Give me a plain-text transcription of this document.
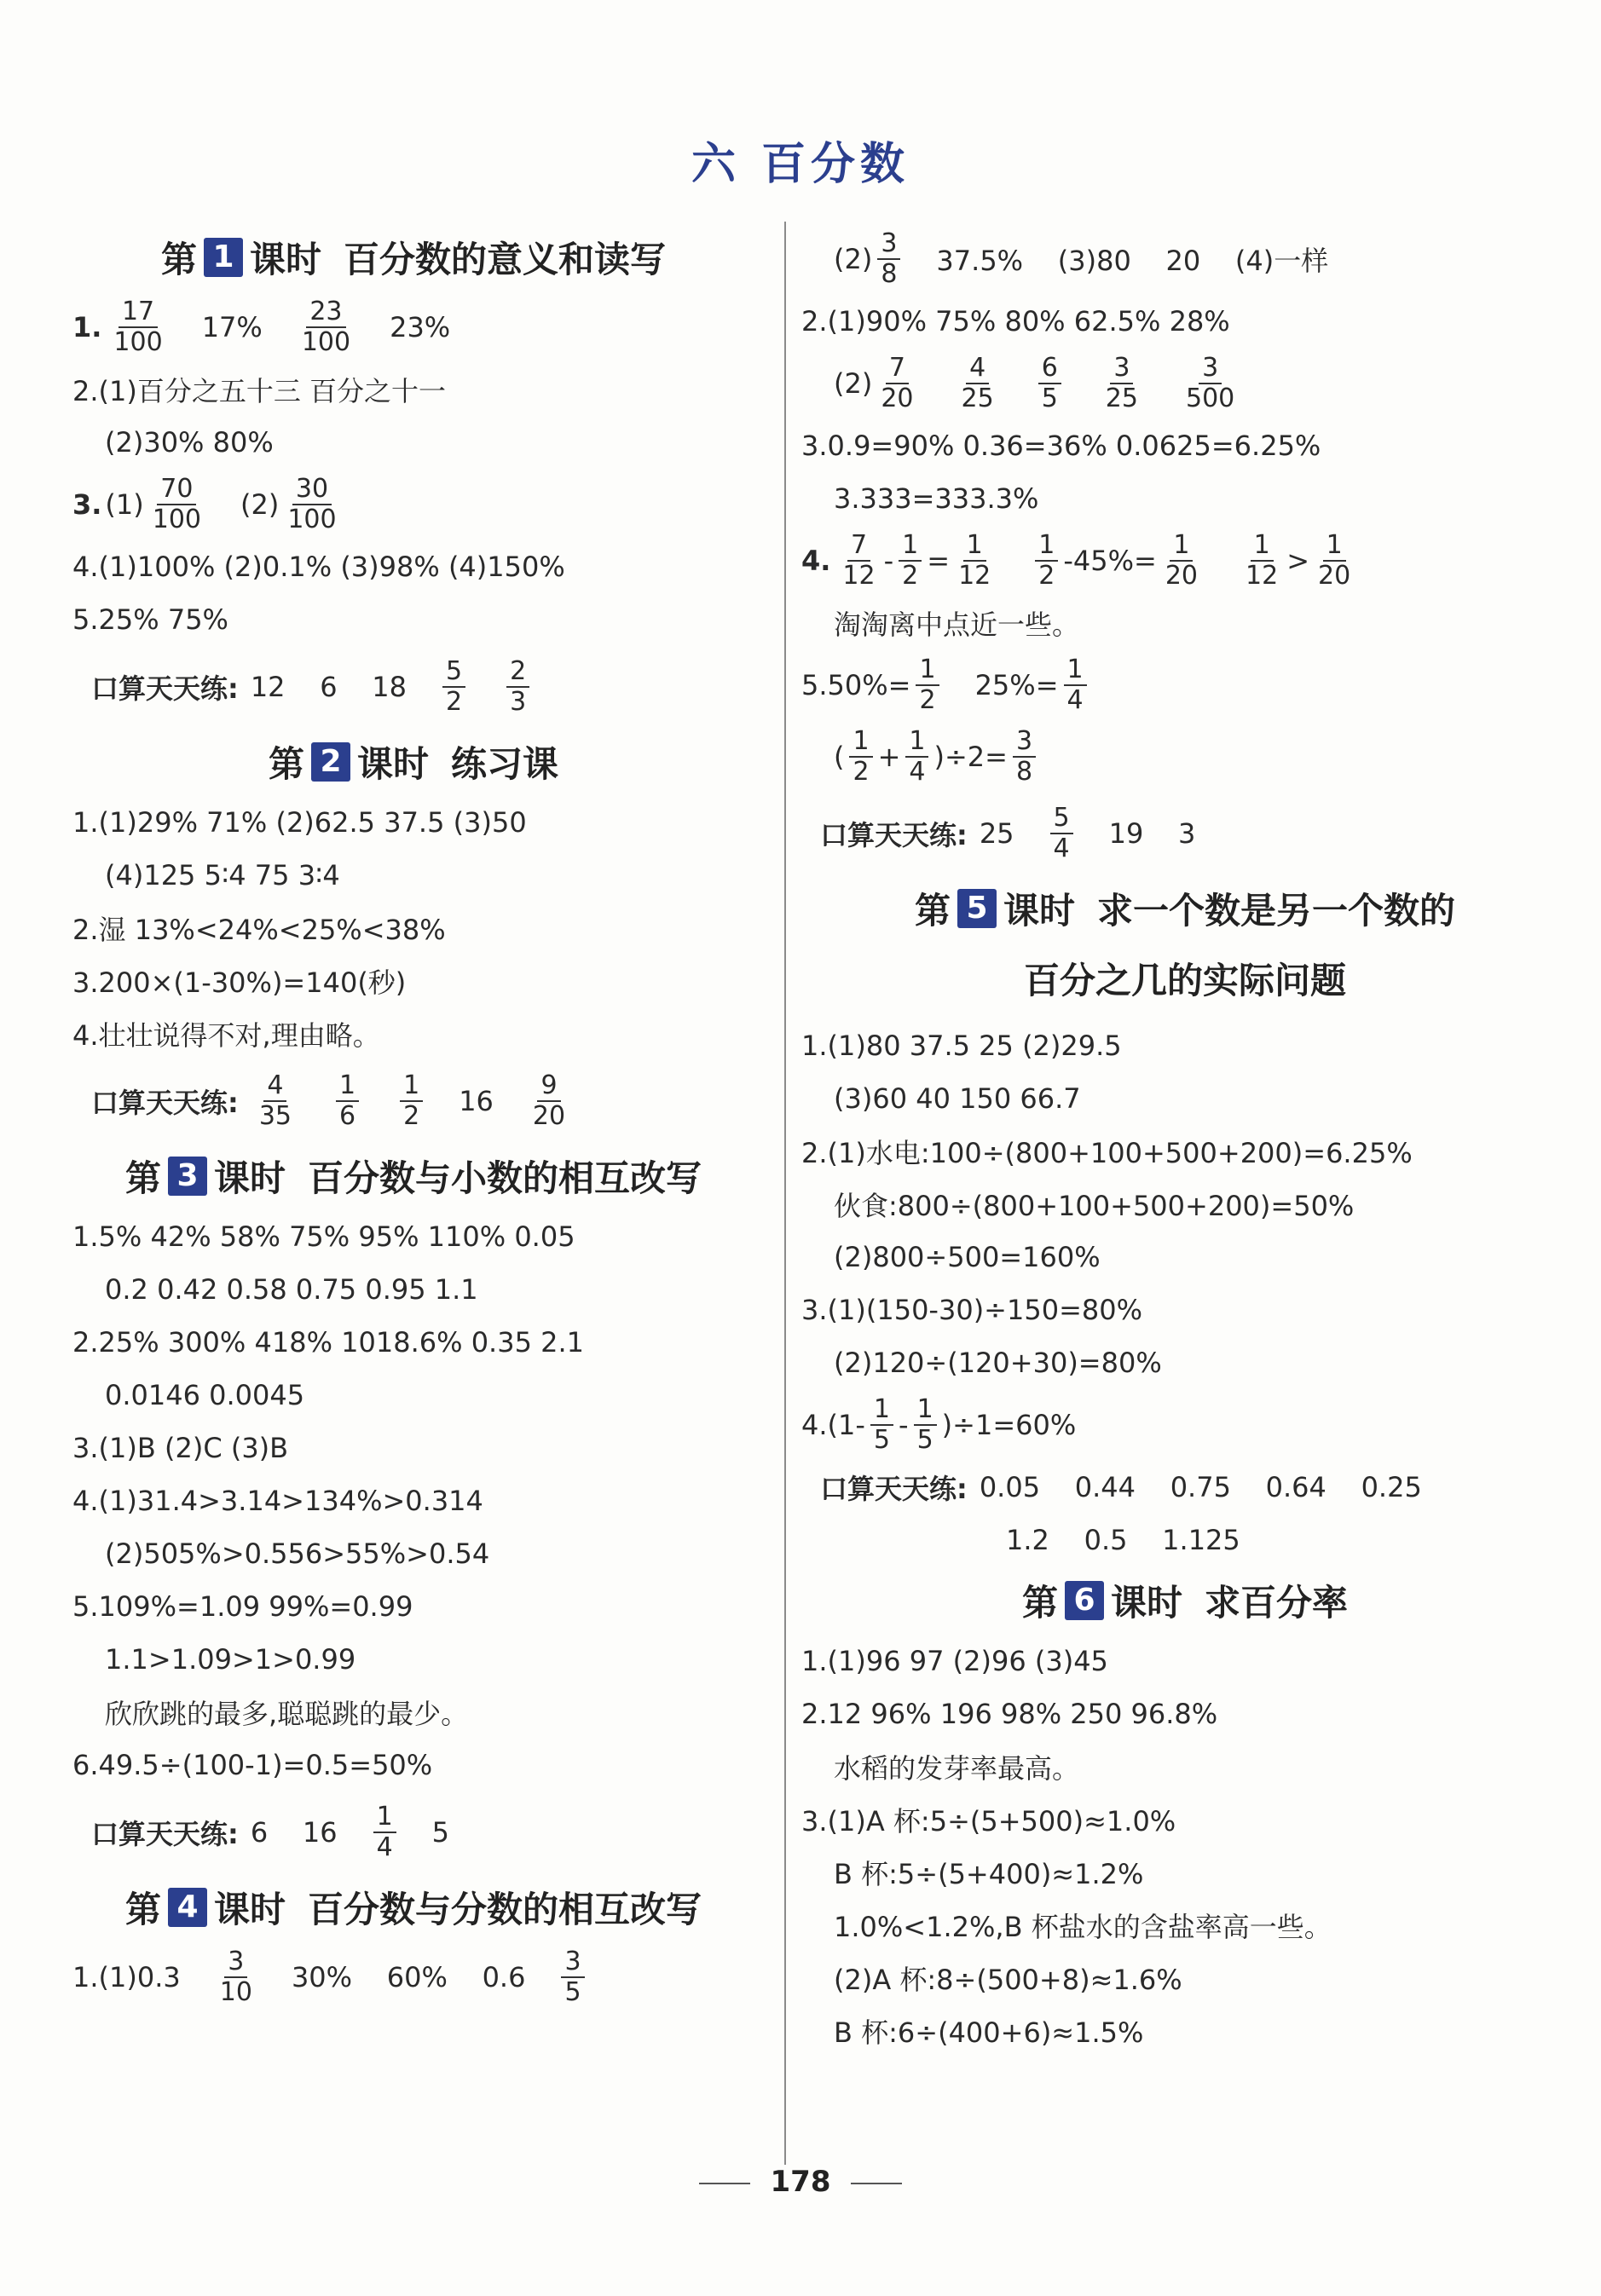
六 百分数
第 1 课时 百分数的意义和读写
1. $\frac{17}{100} 17\% \frac{23}{100} 23\%$
2.(1)百分之五十三 百分之十一
(2)30% 80%
3. $(1) \frac{70}{100} (2) \frac{30}{100}$
4.(1)100% (2)0.1% (3)98% (4)150%
5.25% 75%
口算天天练: 12    6    $18 \frac{5}{2} \frac{2}{3}$
第 2 课时 练习课
1.(1)29% 71% (2)62.5 37.5 (3)50
(4)125 5∶4 75 3∶4
2.湿 13%<24%<25%<38%
3.200×(1-30%)=140(秒)
4.壮壮说得不对,理由略。
口算天天练: $\frac{4}{35} \frac{1}{6} \frac{1}{2} 16 \frac{9}{20}$
第 3 课时 百分数与小数的相互改写
1.5% 42% 58% 75% 95% 110% 0.05
0.2 0.42 0.58 0.75 0.95 1.1
2.25% 300% 418% 1018.6% 0.35 2.1
0.0146 0.0045
3.(1)B (2)C (3)B
4.(1)31.4>3.14>134%>0.314
(2)505%>0.556>55%>0.54
5.109%=1.09 99%=0.99
1.1>1.09>1>0.99
欣欣跳的最多,聪聪跳的最少。
6.49.5÷(100-1)=0.5=50%
口算天天练: 6    $16 \frac{1}{4} 5$
第 4 课时 百分数与分数的相互改写
$1.(1)0.3 \frac{3}{10} 30\%$    60%    $0.6 \frac{3}{5}$
$(2) \frac{3}{8} 37.5\%$    (3)80    20    (4)一样
2.(1)90% 75% 80% 62.5% 28%
$(2) \frac{7}{20} \frac{4}{25} \frac{6}{5} \frac{3}{25} \frac{3}{500}$
3.0.9=90% 0.36=36% 0.0625=6.25%
3.333=333.3%
4. $\frac{7}{12} - \frac{1}{2} = \frac{1}{12} \frac{1}{2} -45\%= \frac{1}{20} \frac{1}{12} > \frac{1}{20}$
淘淘离中点近一些。
$5.50\%= \frac{1}{2} 25\%= \frac{1}{4}$
( $\frac{1}{2} + \frac{1}{4} )\div 2= \frac{3}{8}$
口算天天练: $25 \frac{5}{4} 19$    3
第 5 课时 求一个数是另一个数的
百分之几的实际问题
1.(1)80 37.5 25 (2)29.5
(3)60 40 150 66.7
2.(1)水电:100÷(800+100+500+200)=6.25%
伙食:800÷(800+100+500+200)=50%
(2)800÷500=160%
3.(1)(150-30)÷150=80%
(2)120÷(120+30)=80%
$4.(1- \frac{1}{5} - \frac{1}{5} )\div 1=60\%$
口算天天练: 0.05    0.44    0.75    0.64    0.25
1.2    0.5    1.125
第 6 课时 求百分率
1.(1)96 97 (2)96 (3)45
2.12 96% 196 98% 250 96.8%
水稻的发芽率最高。
3.(1)A 杯:5÷(5+500)≈1.0%
B 杯:5÷(5+400)≈1.2%
1.0%<1.2%,B 杯盐水的含盐率高一些。
(2)A 杯:8÷(500+8)≈1.6%
B 杯:6÷(400+6)≈1.5%
178
